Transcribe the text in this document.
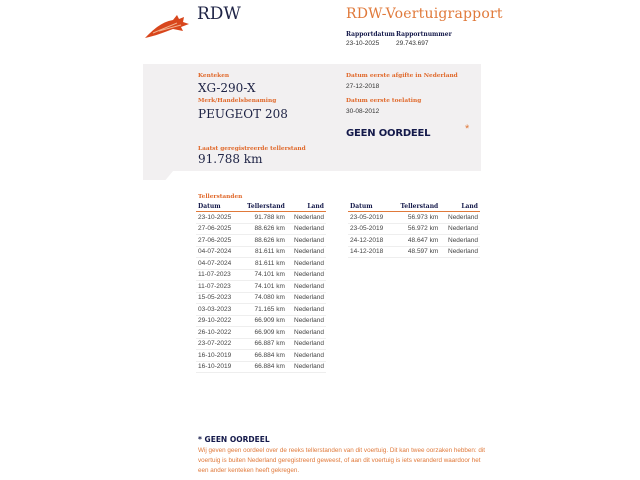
RDW	RDW-Voertuigrapport
Rapportdatum
23-10-2025
Rapportnummer
29.743.697
Kenteken
XG-290-X
Merk/Handelsbenaming
PEUGEOT 208
Laatst geregistreerde tellerstand
91.788 km
Datum eerste afgifte in Nederland
27-12-2018
Datum eerste toelating
30-08-2012
GEEN OORDEEL	*
Tellerstanden
Datum	Tellerstand	Land
23-10-2025	91.788 km	Nederland
27-06-2025	88.626 km	Nederland
27-06-2025	88.626 km	Nederland
04-07-2024	81.611 km	Nederland
04-07-2024	81.611 km	Nederland
11-07-2023	74.101 km	Nederland
11-07-2023	74.101 km	Nederland
15-05-2023	74.080 km	Nederland
03-03-2023	71.165 km	Nederland
29-10-2022	66.909 km	Nederland
26-10-2022	66.909 km	Nederland
23-07-2022	66.887 km	Nederland
16-10-2019	66.884 km	Nederland
16-10-2019	66.884 km	Nederland
Datum	Tellerstand	Land
23-05-2019	56.973 km	Nederland
23-05-2019	56.972 km	Nederland
24-12-2018	48.647 km	Nederland
14-12-2018	48.597 km	Nederland
* GEEN OORDEEL
Wij geven geen oordeel over de reeks tellerstanden van dit voertuig. Dit kan twee oorzaken hebben: dit voertuig is buiten Nederland geregistreerd geweest, of aan dit voertuig is iets veranderd waardoor het een ander kenteken heeft gekregen.
